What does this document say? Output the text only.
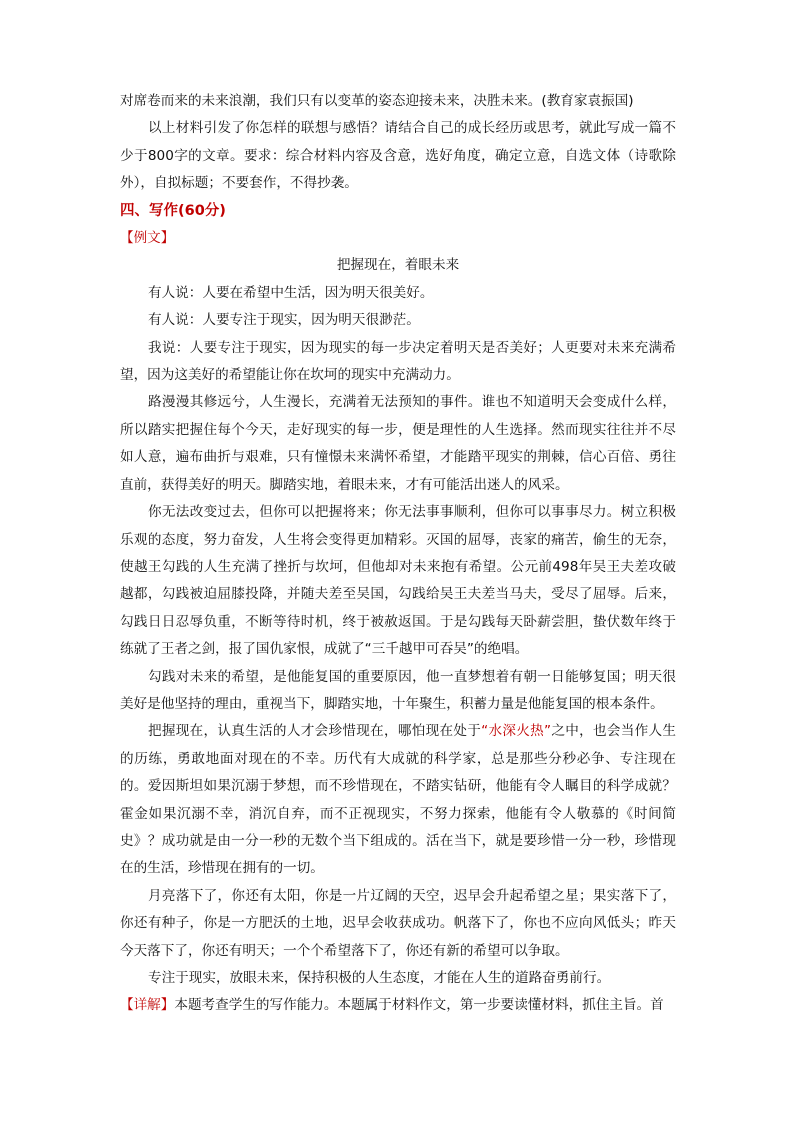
对席卷而来的未来浪潮，我们只有以变革的姿态迎接未来，决胜未来。(教育家袁振国)

以上材料引发了你怎样的联想与感悟？请结合自己的成长经历或思考，就此写成一篇不少于800字的文章。要求：综合材料内容及含意，选好角度，确定立意，自选文体（诗歌除外），自拟标题；不要套作，不得抄袭。

四、写作(60分)

【例文】

把握现在，着眼未来

有人说：人要在希望中生活，因为明天很美好。

有人说：人要专注于现实，因为明天很渺茫。

我说：人要专注于现实，因为现实的每一步决定着明天是否美好；人更要对未来充满希望，因为这美好的希望能让你在坎坷的现实中充满动力。

路漫漫其修远兮，人生漫长，充满着无法预知的事件。谁也不知道明天会变成什么样，所以踏实把握住每个今天，走好现实的每一步，便是理性的人生选择。然而现实往往并不尽如人意，遍布曲折与艰难，只有憧憬未来满怀希望，才能踏平现实的荆棘，信心百倍、勇往直前，获得美好的明天。脚踏实地，着眼未来，才有可能活出迷人的风采。

你无法改变过去，但你可以把握将来；你无法事事顺利，但你可以事事尽力。树立积极乐观的态度，努力奋发，人生将会变得更加精彩。灭国的屈辱，丧家的痛苦，偷生的无奈，使越王勾践的人生充满了挫折与坎坷，但他却对未来抱有希望。公元前498年吴王夫差攻破越都，勾践被迫屈膝投降，并随夫差至吴国，勾践给吴王夫差当马夫，受尽了屈辱。后来，勾践日日忍辱负重，不断等待时机，终于被赦返国。于是勾践每天卧薪尝胆，蛰伏数年终于练就了王者之剑，报了国仇家恨，成就了“三千越甲可吞吴”的绝唱。

勾践对未来的希望，是他能复国的重要原因，他一直梦想着有朝一日能够复国；明天很美好是他坚持的理由，重视当下，脚踏实地，十年聚生，积蓄力量是他能复国的根本条件。

把握现在，认真生活的人才会珍惜现在，哪怕现在处于“水深火热”之中，也会当作人生的历练，勇敢地面对现在的不幸。历代有大成就的科学家，总是那些分秒必争、专注现在的。爱因斯坦如果沉溺于梦想，而不珍惜现在，不踏实钻研，他能有令人瞩目的科学成就？霍金如果沉溺不幸，消沉自弃，而不正视现实，不努力探索，他能有令人敬慕的《时间简史》？成功就是由一分一秒的无数个当下组成的。活在当下，就是要珍惜一分一秒，珍惜现在的生活，珍惜现在拥有的一切。

月亮落下了，你还有太阳，你是一片辽阔的天空，迟早会升起希望之星；果实落下了，你还有种子，你是一方肥沃的土地，迟早会收获成功。帆落下了，你也不应向风低头；昨天今天落下了，你还有明天；一个个希望落下了，你还有新的希望可以争取。

专注于现实，放眼未来，保持积极的人生态度，才能在人生的道路奋勇前行。

【详解】本题考查学生的写作能力。本题属于材料作文，第一步要读懂材料，抓住主旨。首
